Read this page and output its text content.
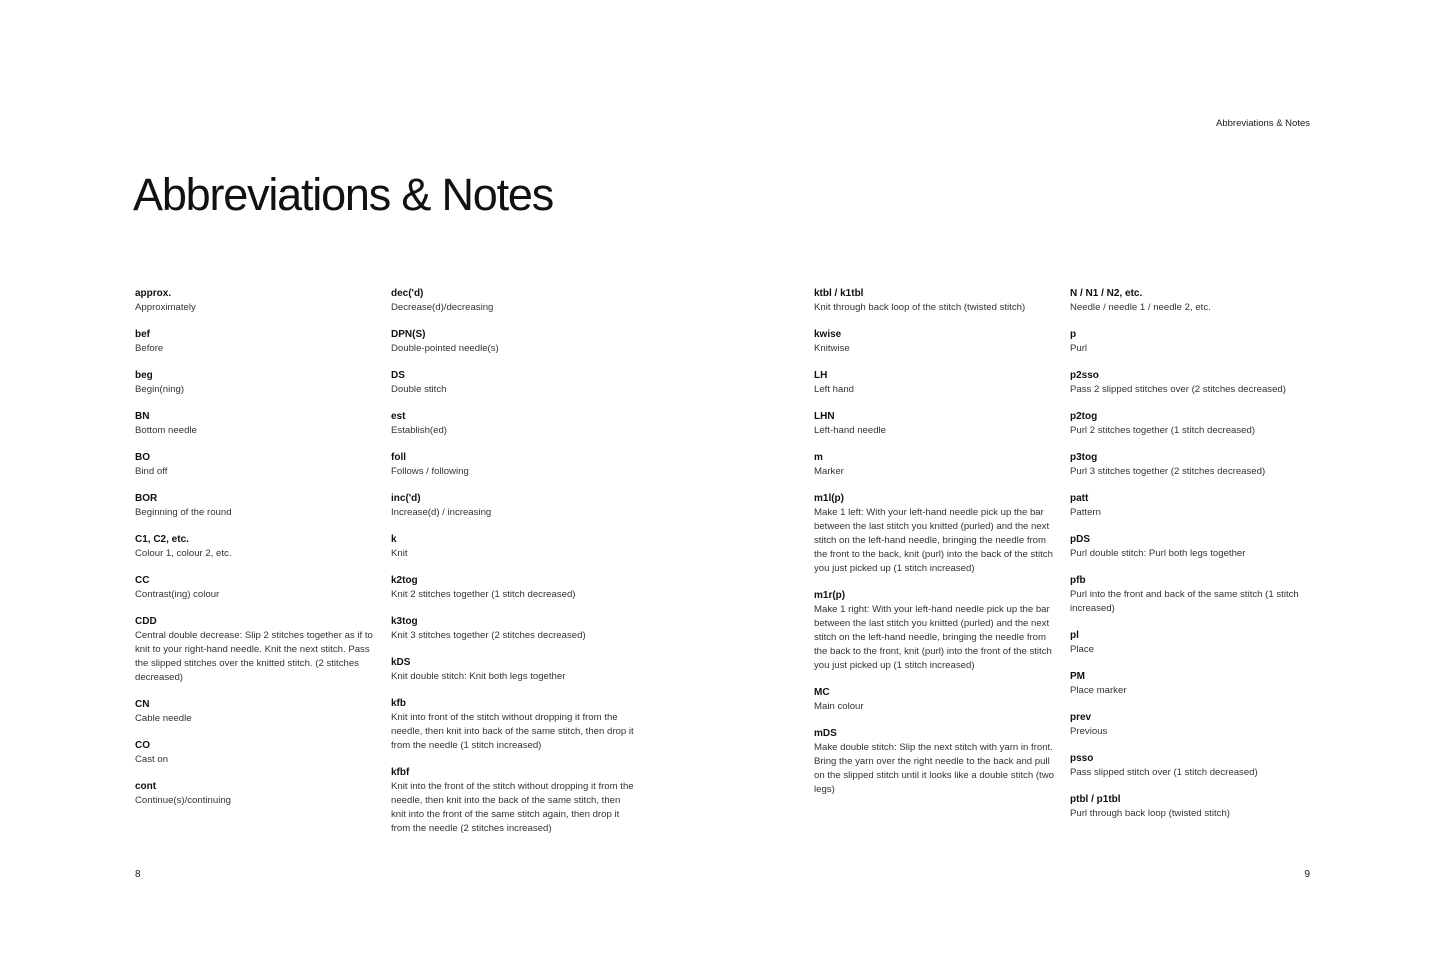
Abbreviations & Notes
Abbreviations & Notes
approx.
Approximately
bef
Before
beg
Begin(ning)
BN
Bottom needle
BO
Bind off
BOR
Beginning of the round
C1, C2, etc.
Colour 1, colour 2, etc.
CC
Contrast(ing) colour
CDD
Central double decrease: Slip 2 stitches together as if to knit to your right-hand needle. Knit the next stitch. Pass the slipped stitches over the knitted stitch. (2 stitches decreased)
CN
Cable needle
CO
Cast on
cont
Continue(s)/continuing
dec('d)
Decrease(d)/decreasing
DPN(S)
Double-pointed needle(s)
DS
Double stitch
est
Establish(ed)
foll
Follows / following
inc('d)
Increase(d) / increasing
k
Knit
k2tog
Knit 2 stitches together (1 stitch decreased)
k3tog
Knit 3 stitches together (2 stitches decreased)
kDS
Knit double stitch: Knit both legs together
kfb
Knit into front of the stitch without dropping it from the needle, then knit into back of the same stitch, then drop it from the needle (1 stitch increased)
kfbf
Knit into the front of the stitch without dropping it from the needle, then knit into the back of the same stitch, then knit into the front of the same stitch again, then drop it from the needle (2 stitches increased)
ktbl / k1tbl
Knit through back loop of the stitch (twisted stitch)
kwise
Knitwise
LH
Left hand
LHN
Left-hand needle
m
Marker
m1l(p)
Make 1 left: With your left-hand needle pick up the bar between the last stitch you knitted (purled) and the next stitch on the left-hand needle, bringing the needle from the front to the back, knit (purl) into the back of the stitch you just picked up (1 stitch increased)
m1r(p)
Make 1 right: With your left-hand needle pick up the bar between the last stitch you knitted (purled) and the next stitch on the left-hand needle, bringing the needle from the back to the front, knit (purl) into the front of the stitch you just picked up (1 stitch increased)
MC
Main colour
mDS
Make double stitch: Slip the next stitch with yarn in front. Bring the yarn over the right needle to the back and pull on the slipped stitch until it looks like a double stitch (two legs)
N / N1 / N2, etc.
Needle / needle 1 / needle 2, etc.
p
Purl
p2sso
Pass 2 slipped stitches over (2 stitches decreased)
p2tog
Purl 2 stitches together (1 stitch decreased)
p3tog
Purl 3 stitches together (2 stitches decreased)
patt
Pattern
pDS
Purl double stitch: Purl both legs together
pfb
Purl into the front and back of the same stitch (1 stitch increased)
pl
Place
PM
Place marker
prev
Previous
psso
Pass slipped stitch over (1 stitch decreased)
ptbl / p1tbl
Purl through back loop (twisted stitch)
8	9
